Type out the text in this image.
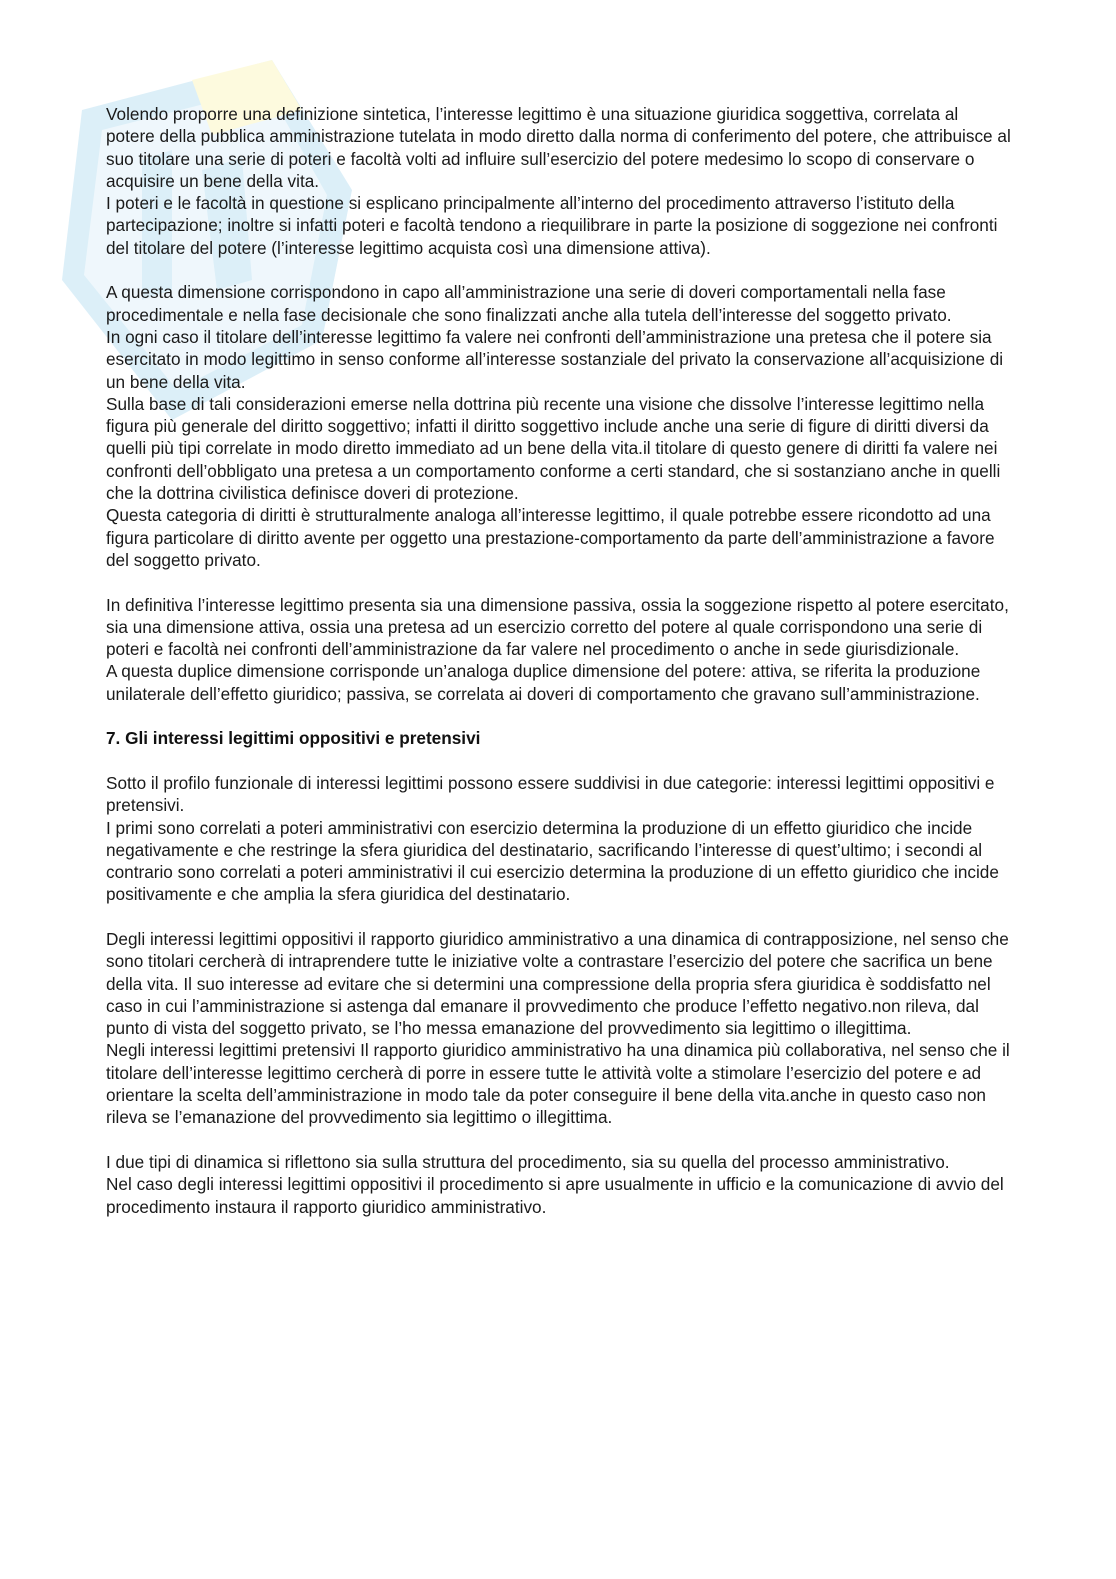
Volendo proporre una definizione sintetica, l’interesse legittimo è una situazione giuridica soggettiva, correlata al potere della pubblica amministrazione tutelata in modo diretto dalla norma di conferimento del potere, che attribuisce al suo titolare una serie di poteri e facoltà volti ad influire sull’esercizio del potere medesimo lo scopo di conservare o acquisire un bene della vita.

I poteri e le facoltà in questione si esplicano principalmente all’interno del procedimento attraverso l’istituto della partecipazione; inoltre si infatti poteri e facoltà tendono a riequilibrare in parte la posizione di soggezione nei confronti del titolare del potere (l’interesse legittimo acquista così una dimensione attiva).

A questa dimensione corrispondono in capo all’amministrazione una serie di doveri comportamentali nella fase procedimentale e nella fase decisionale che sono finalizzati anche alla tutela dell’interesse del soggetto privato.

In ogni caso il titolare dell’interesse legittimo fa valere nei confronti dell’amministrazione una pretesa che il potere sia esercitato in modo legittimo in senso conforme all’interesse sostanziale del privato la conservazione all’acquisizione di un bene della vita.

Sulla base di tali considerazioni emerse nella dottrina più recente una visione che dissolve l’interesse legittimo nella figura più generale del diritto soggettivo; infatti il diritto soggettivo include anche una serie di figure di diritti diversi da quelli più tipi correlate in modo diretto immediato ad un bene della vita.il titolare di questo genere di diritti fa valere nei confronti dell’obbligato una pretesa a un comportamento conforme a certi standard, che si sostanziano anche in quelli che la dottrina civilistica definisce doveri di protezione.

Questa categoria di diritti è strutturalmente analoga all’interesse legittimo, il quale potrebbe essere ricondotto ad una figura particolare di diritto avente per oggetto una prestazione-comportamento da parte dell’amministrazione a favore del soggetto privato.

In definitiva l’interesse legittimo presenta sia una dimensione passiva, ossia la soggezione rispetto al potere esercitato, sia una dimensione attiva, ossia una pretesa ad un esercizio corretto del potere al quale corrispondono una serie di poteri e facoltà nei confronti dell’amministrazione da far valere nel procedimento o anche in sede giurisdizionale.

A questa duplice dimensione corrisponde un’analoga duplice dimensione del potere: attiva, se riferita la produzione unilaterale dell’effetto giuridico; passiva, se correlata ai doveri di comportamento che gravano sull’amministrazione.

7. Gli interessi legittimi oppositivi e pretensivi

Sotto il profilo funzionale di interessi legittimi possono essere suddivisi in due categorie: interessi legittimi oppositivi e pretensivi.

I primi sono correlati a poteri amministrativi con esercizio determina la produzione di un effetto giuridico che incide negativamente e che restringe la sfera giuridica del destinatario, sacrificando l’interesse di quest’ultimo; i secondi al contrario sono correlati a poteri amministrativi il cui esercizio determina la produzione di un effetto giuridico che incide positivamente e che amplia la sfera giuridica del destinatario.

Degli interessi legittimi oppositivi il rapporto giuridico amministrativo a una dinamica di contrapposizione, nel senso che sono titolari cercherà di intraprendere tutte le iniziative volte a contrastare l’esercizio del potere che sacrifica un bene della vita. Il suo interesse ad evitare che si determini una compressione della propria sfera giuridica è soddisfatto nel caso in cui l’amministrazione si astenga dal emanare il provvedimento che produce l’effetto negativo.non rileva, dal punto di vista del soggetto privato, se l’ho messa emanazione del provvedimento sia legittimo o illegittima.

Negli interessi legittimi pretensivi Il rapporto giuridico amministrativo ha una dinamica più collaborativa, nel senso che il titolare dell’interesse legittimo cercherà di porre in essere tutte le attività volte a stimolare l’esercizio del potere e ad orientare la scelta dell’amministrazione in modo tale da poter conseguire il bene della vita.anche in questo caso non rileva se l’emanazione del provvedimento sia legittimo o illegittima.

I due tipi di dinamica si riflettono sia sulla struttura del procedimento, sia su quella del processo amministrativo.

Nel caso degli interessi legittimi oppositivi il procedimento si apre usualmente in ufficio e la comunicazione di avvio del procedimento instaura il rapporto giuridico amministrativo.
